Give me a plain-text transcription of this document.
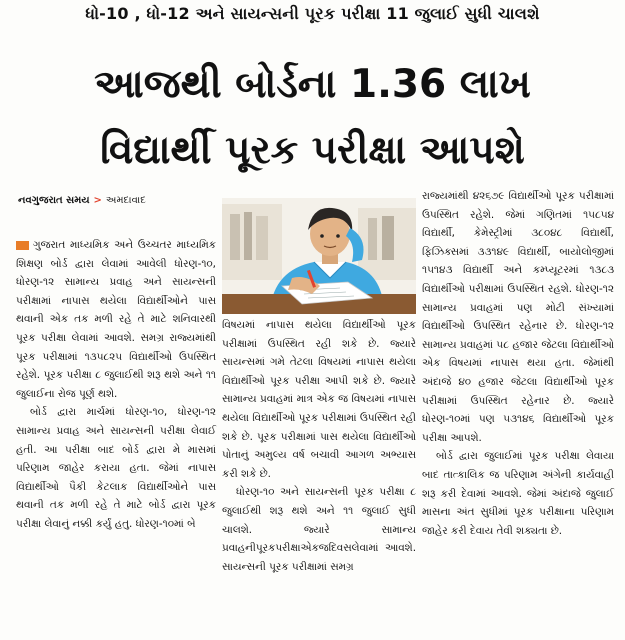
ધો-10 , ધો-12 અને સાયન્સની પૂરક પરીક્ષા 11 જુલાઈ સુધી ચાલશે
આજથી બોર્ડના 1.36 લાખ
વિદ્યાર્થી પૂરક પરીક્ષા આપશે
નવગુજરાત સમય > અમદાવાદ

ગુજરાત માધ્યમિક અને ઉચ્ચતર માધ્યમિક શિક્ષણ બોર્ડ દ્વારા લેવામાં આવેલી ધોરણ-૧૦, ધોરણ-૧૨ સામાન્ય પ્રવાહ અને સાયન્સની પરીક્ષામાં નાપાસ થયેલા વિદ્યાર્થીઓને પાસ થવાની એક તક મળી રહે તે માટે શનિવારથી પૂરક પરીક્ષા લેવામાં આવશે. સમગ્ર રાજ્યમાંથી પૂરક પરીક્ષામાં ૧૩૫૮૨૫ વિદ્યાર્થીઓ ઉપસ્થિત રહેશે. પૂરક પરીક્ષા ૮ જુલાઈથી શરૂ થશે અને ૧૧ જુલાઈના રોજ પૂર્ણ થશે.

બોર્ડ દ્વારા માર્ચમાં ધોરણ-૧૦, ધોરણ-૧૨ સામાન્ય પ્રવાહ અને સાયન્સની પરીક્ષા લેવાઈ હતી. આ પરીક્ષા બાદ બોર્ડ દ્વારા મે માસમાં પરિણામ જાહેર કરાયા હતા. જેમાં નાપાસ વિદ્યાર્થીઓ પૈકી કેટલાક વિદ્યાર્થીઓને પાસ થવાની તક મળી રહે તે માટે બોર્ડ દ્વારા પૂરક પરીક્ષા લેવાનું નક્કી કર્યું હતુ. ધોરણ-૧૦માં બે

વિષયમાં નાપાસ થયેલા વિદ્યાર્થીઓ પૂરક પરીક્ષામાં ઉપસ્થિત રહી શકે છે. જ્યારે સાયન્સમાં ગમે તેટલા વિષયમાં નાપાસ થયેલા વિદ્યાર્થીઓ પૂરક પરીક્ષા આપી શકે છે. જ્યારે સામાન્ય પ્રવાહમાં માત્ર એક જ વિષયમાં નાપાસ થયેલા વિદ્યાર્થીઓ પૂરક પરીક્ષામાં ઉપસ્થિત રહી શકે છે. પૂરક પરીક્ષામાં પાસ થયેલા વિદ્યાર્થીઓ પોતાનું અમુલ્ય વર્ષ બચાવી આગળ અભ્યાસ કરી શકે છે.

ધોરણ-૧૦ અને સાયન્સની પૂરક પરીક્ષા ૮ જુલાઈથી શરૂ થશે અને ૧૧ જુલાઈ સુધી ચાલશે. જ્યારે સામાન્ય પ્રવાહનીપૂરકપરીક્ષાએકજદિવસલેવામાં આવશે. સાયન્સની પૂરક પરીક્ષામાં સમગ્ર

રાજ્યમાંથી ૪૨૬૭૯ વિદ્યાર્થીઓ પૂરક પરીક્ષામાં ઉપસ્થિત રહેશે. જેમાં ગણિતમાં ૧૫૮૫૪ વિદ્યાર્થી, કેમેસ્ટ્રીમાં ૩૮૦૪૮ વિદ્યાર્થી, ફિઝિક્સમાં ૩૩૧૪૯ વિદ્યાર્થી, બાયોલોજીમાં ૧૫૧૪૩ વિદ્યાર્થી અને કમ્પ્યૂટરમાં ૧૩૮૩ વિદ્યાર્થીઓ પરીક્ષામાં ઉપસ્થિત રહશે. ધોરણ-૧૨ સામાન્ય પ્રવાહમાં પણ મોટી સંખ્યામાં વિદ્યાર્થીઓ ઉપસ્થિત રહેનાર છે. ધોરણ-૧૨ સામાન્ય પ્રવાહમાં ૫૮ હજાર જેટલા વિદ્યાર્થીઓ એક વિષયમાં નાપાસ થયા હતા. જેમાંથી અંદાજે ૪૦ હજાર જેટલા વિદ્યાર્થીઓ પૂરક પરીક્ષામાં ઉપસ્થિત રહેનાર છે. જ્યારે ધોરણ-૧૦માં પણ ૫૩૧૪૬ વિદ્યાર્થીઓ પૂરક પરીક્ષા આપશે.

બોર્ડ દ્વારા જુલાઈમાં પૂરક પરીક્ષા લેવાયા બાદ તાત્કાલિક જ પરિણામ અંગેની કાર્યવાહી શરૂ કરી દેવામાં આવશે. જેમાં અંદાજે જુલાઈ માસના અંત સુધીમાં પૂરક પરીક્ષાના પરિણામ જાહેર કરી દેવાય તેવી શક્યતા છે.
